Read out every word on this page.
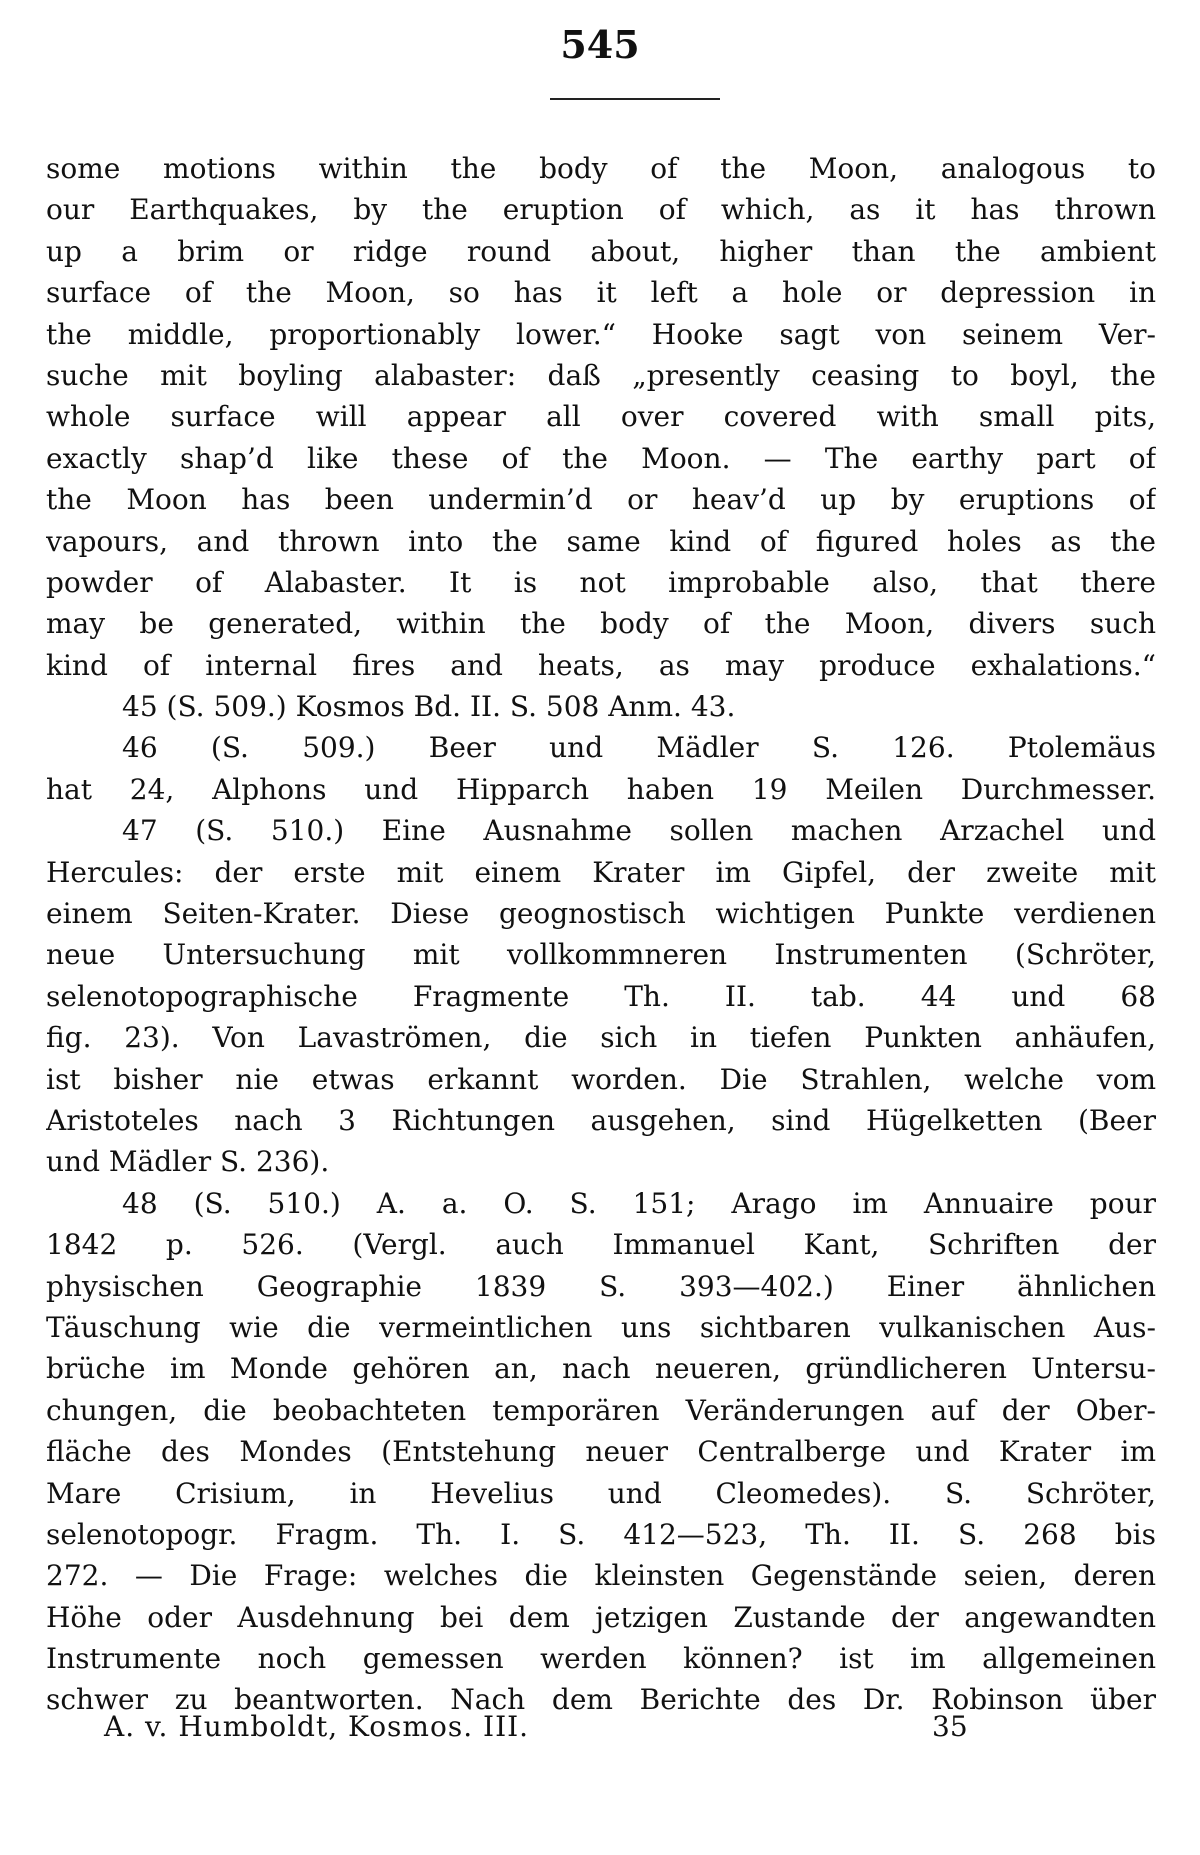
545
some motions within the body of the Moon, analogous to
our Earthquakes, by the eruption of which, as it has thrown
up a brim or ridge round about, higher than the ambient
surface of the Moon, so has it left a hole or depression in
the middle, proportionably lower.“ Hooke sagt von seinem Ver-
suche mit boyling alabaster: daß „presently ceasing to boyl, the
whole surface will appear all over covered with small pits,
exactly shap’d like these of the Moon. — The earthy part of
the Moon has been undermin’d or heav’d up by eruptions of
vapours, and thrown into the same kind of figured holes as the
powder of Alabaster. It is not improbable also, that there
may be generated, within the body of the Moon, divers such
kind of internal fires and heats, as may produce exhalations.“
45 (S. 509.) Kosmos Bd. II. S. 508 Anm. 43.
46 (S. 509.) Beer und Mädler S. 126. Ptolemäus
hat 24, Alphons und Hipparch haben 19 Meilen Durchmesser.
47 (S. 510.) Eine Ausnahme sollen machen Arzachel und
Hercules: der erste mit einem Krater im Gipfel, der zweite mit
einem Seiten-Krater. Diese geognostisch wichtigen Punkte verdienen
neue Untersuchung mit vollkommneren Instrumenten (Schröter,
selenotopographische Fragmente Th. II. tab. 44 und 68
fig. 23). Von Lavaströmen, die sich in tiefen Punkten anhäufen,
ist bisher nie etwas erkannt worden. Die Strahlen, welche vom
Aristoteles nach 3 Richtungen ausgehen, sind Hügelketten (Beer
und Mädler S. 236).
48 (S. 510.) A. a. O. S. 151; Arago im Annuaire pour
1842 p. 526. (Vergl. auch Immanuel Kant, Schriften der
physischen Geographie 1839 S. 393—402.) Einer ähnlichen
Täuschung wie die vermeintlichen uns sichtbaren vulkanischen Aus-
brüche im Monde gehören an, nach neueren, gründlicheren Untersu-
chungen, die beobachteten temporären Veränderungen auf der Ober-
fläche des Mondes (Entstehung neuer Centralberge und Krater im
Mare Crisium, in Hevelius und Cleomedes). S. Schröter,
selenotopogr. Fragm. Th. I. S. 412—523, Th. II. S. 268 bis
272. — Die Frage: welches die kleinsten Gegenstände seien, deren
Höhe oder Ausdehnung bei dem jetzigen Zustande der angewandten
Instrumente noch gemessen werden können? ist im allgemeinen
schwer zu beantworten. Nach dem Berichte des Dr. Robinson über
A. v. Humboldt, Kosmos. III.	35
